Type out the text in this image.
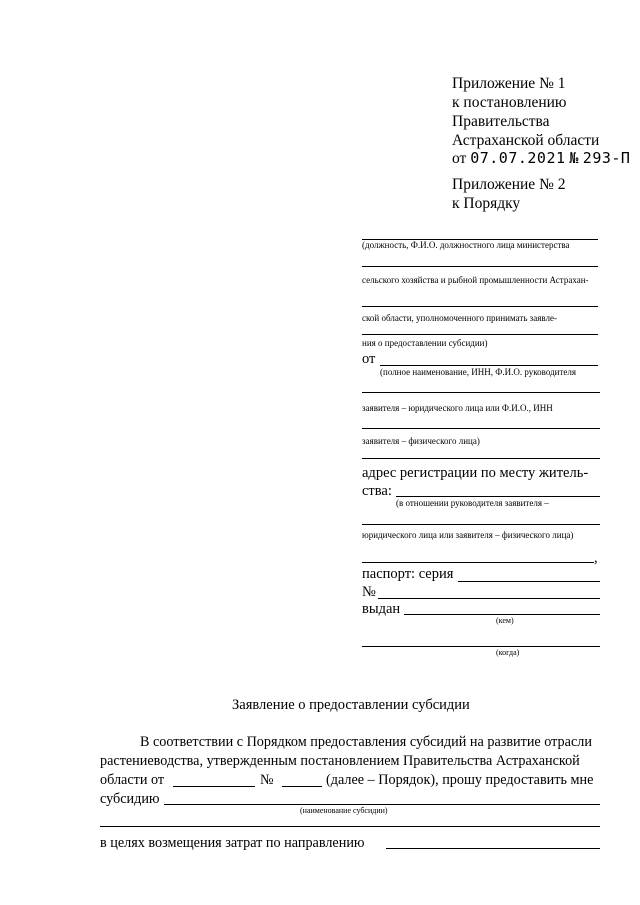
Приложение № 1
к постановлению
Правительства
Астраханской области
от 07.07.2021 № 293-П
Приложение № 2
к Порядку
(должность, Ф.И.О. должностного лица министерства
сельского хозяйства и рыбной промышленности Астрахан-
ской области, уполномоченного принимать заявле-
ния о предоставлении субсидии)
от
(полное наименование, ИНН, Ф.И.О. руководителя
заявителя – юридического лица или Ф.И.О., ИНН
заявителя – физического лица)
адрес регистрации по месту житель-
ства:
(в отношении руководителя заявителя –
юридического лица или заявителя – физического лица)
,
паспорт: серия
№
выдан
(кем)
(когда)
Заявление о предоставлении субсидии
В соответствии с Порядком предоставления субсидий на развитие отрасли
растениеводства, утвержденным постановлением Правительства Астраханской
области от	№	(далее – Порядок), прошу предоставить мне
субсидию
(наименование субсидии)
в целях возмещения затрат по направлению
